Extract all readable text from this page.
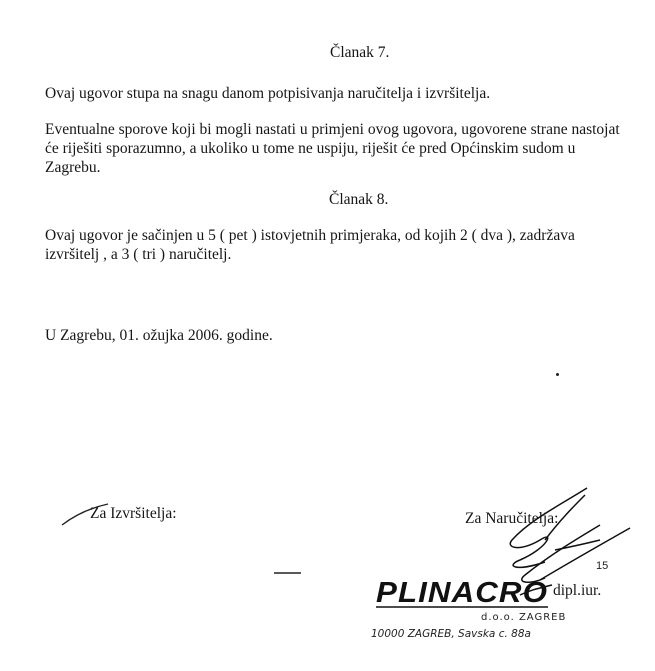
Članak 7.
Ovaj ugovor stupa na snagu danom potpisivanja naručitelja i izvršitelja.
Eventualne sporove koji bi mogli nastati u primjeni ovog ugovora, ugovorene strane nastojat
će riješiti sporazumno, a ukoliko u tome ne uspiju, riješit će pred Općinskim sudom u
Zagrebu.
Članak 8.
Ovaj ugovor je sačinjen u 5 ( pet ) istovjetnih primjeraka, od kojih 2 ( dva ), zadržava
izvršitelj , a 3 ( tri ) naručitelj.
U Zagrebu, 01. ožujka 2006. godine.
Za Izvršitelja:	Za Naručitelja:
dipl.iur.
15
PLINACRO
d.o.o. ZAGREB
10000 ZAGREB, Savska c. 88a
